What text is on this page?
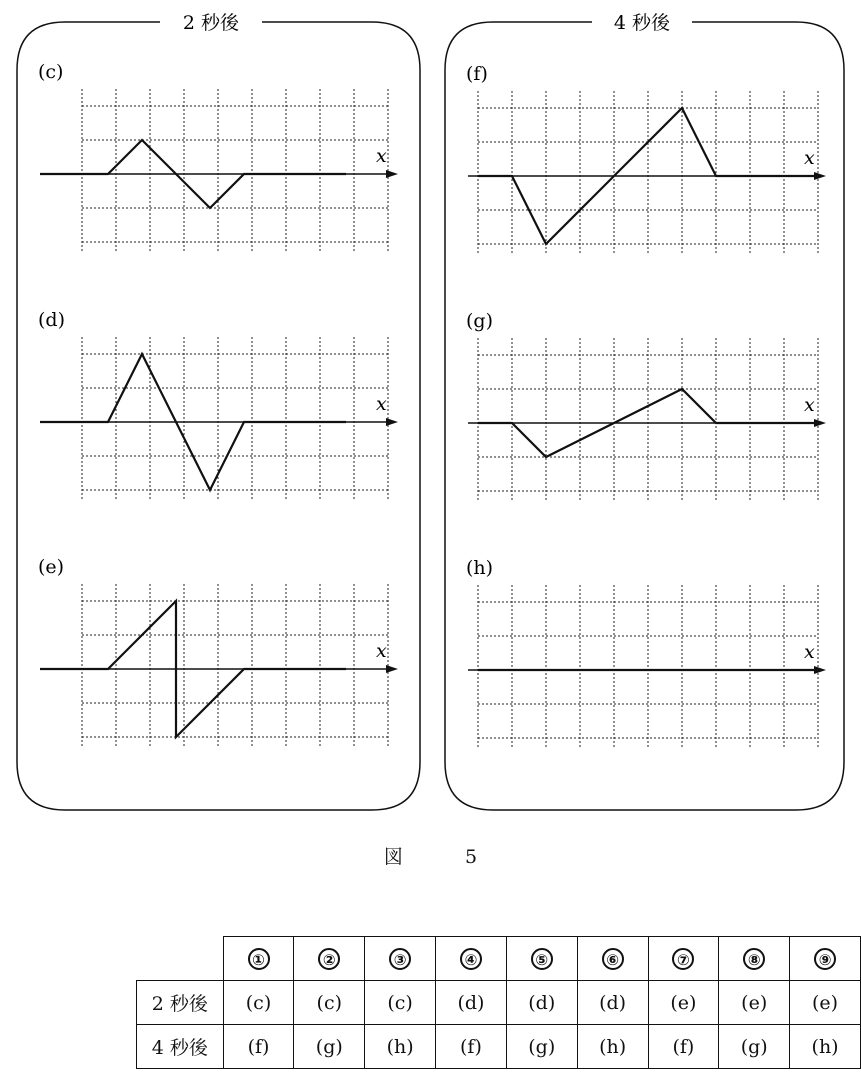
2 秒後	4 秒後
x
(c)
x
(d)
x
(e)
x
(f)
x
(g)
x
(h)
図 5
	①	②	③	④	⑤	⑥	⑦	⑧	⑨
2 秒後	(c)	(c)	(c)	(d)	(d)	(d)	(e)	(e)	(e)
4 秒後	(f)	(g)	(h)	(f)	(g)	(h)	(f)	(g)	(h)
